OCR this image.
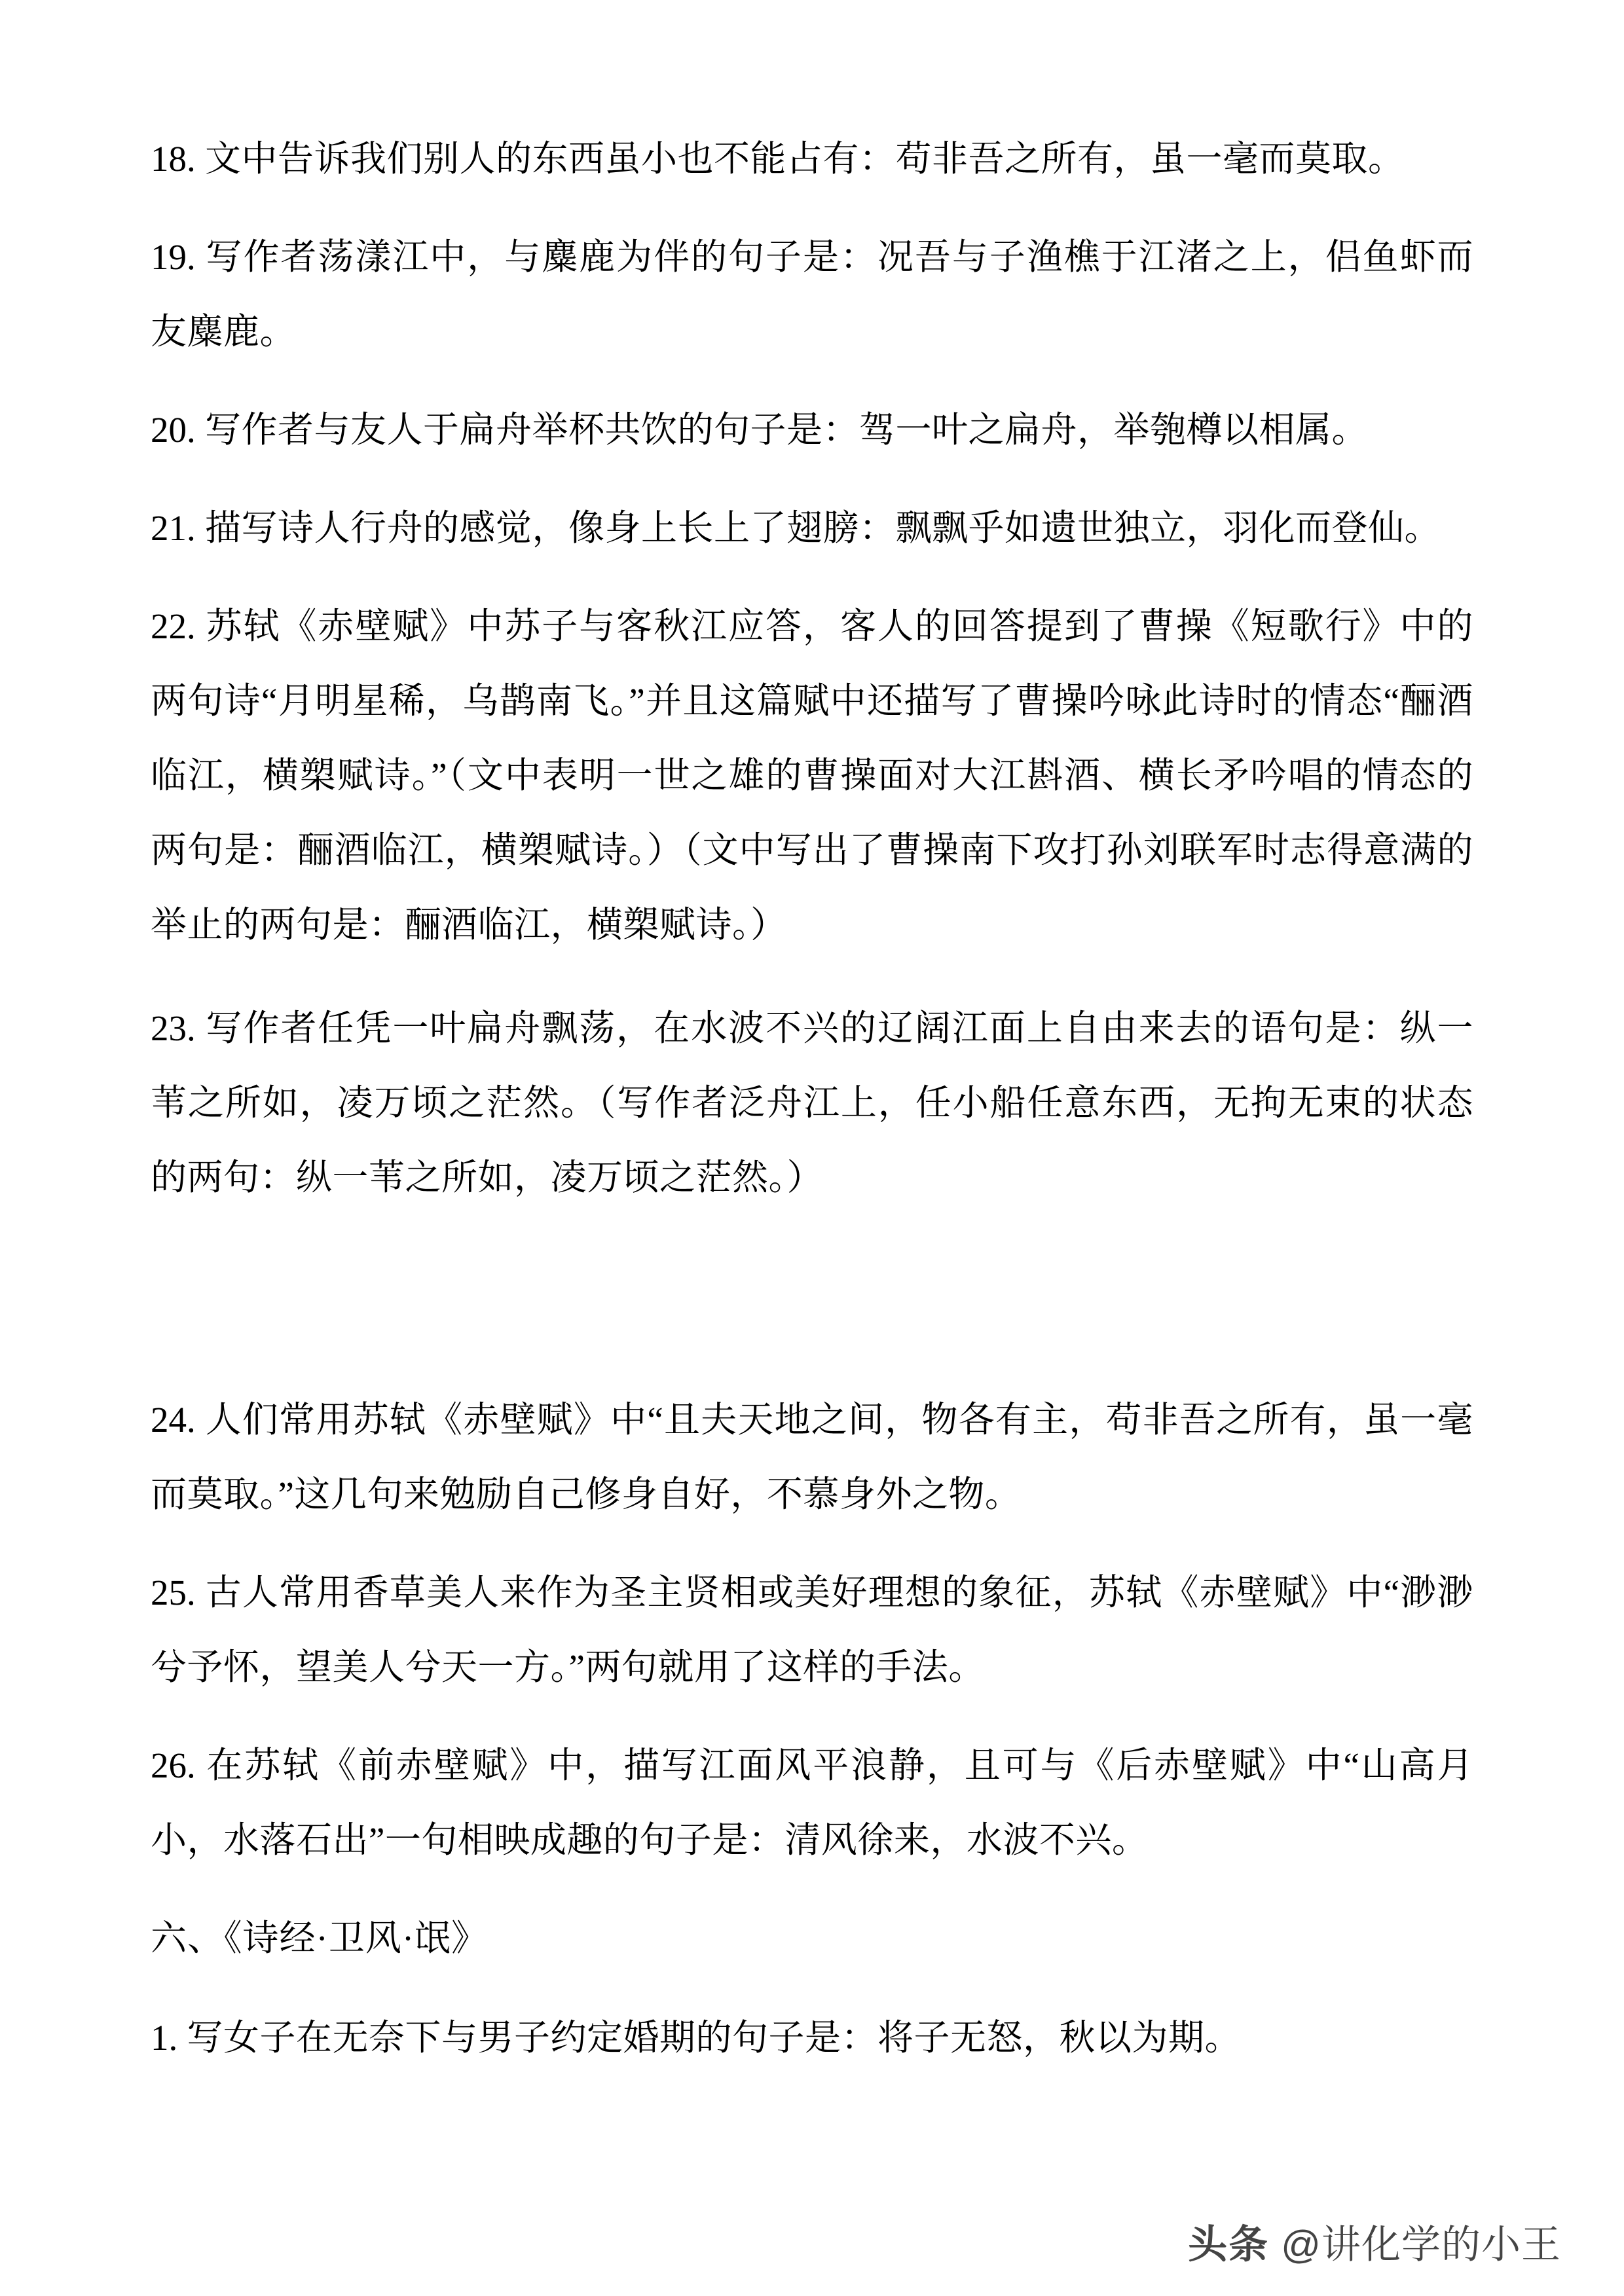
18. 文中告诉我们别人的东西虽小也不能占有：苟非吾之所有，虽一毫而莫取。

19. 写作者荡漾江中，与麋鹿为伴的句子是：况吾与子渔樵于江渚之上，侣鱼虾而友麋鹿。

20. 写作者与友人于扁舟举杯共饮的句子是：驾一叶之扁舟，举匏樽以相属。

21. 描写诗人行舟的感觉，像身上长上了翅膀：飘飘乎如遗世独立，羽化而登仙。

22. 苏轼《赤壁赋》中苏子与客秋江应答，客人的回答提到了曹操《短歌行》中的两句诗“月明星稀，乌鹊南飞。”并且这篇赋中还描写了曹操吟咏此诗时的情态“酾酒临江，横槊赋诗。”（文中表明一世之雄的曹操面对大江斟酒、横长矛吟唱的情态的两句是：酾酒临江，横槊赋诗。）（文中写出了曹操南下攻打孙刘联军时志得意满的举止的两句是：酾酒临江，横槊赋诗。）

23. 写作者任凭一叶扁舟飘荡，在水波不兴的辽阔江面上自由来去的语句是：纵一苇之所如，凌万顷之茫然。（写作者泛舟江上，任小船任意东西，无拘无束的状态的两句：纵一苇之所如，凌万顷之茫然。）

24. 人们常用苏轼《赤壁赋》中“且夫天地之间，物各有主，苟非吾之所有，虽一毫而莫取。”这几句来勉励自己修身自好，不慕身外之物。

25. 古人常用香草美人来作为圣主贤相或美好理想的象征，苏轼《赤壁赋》中“渺渺兮予怀，望美人兮天一方。”两句就用了这样的手法。

26. 在苏轼《前赤壁赋》中，描写江面风平浪静，且可与《后赤壁赋》中“山高月小，水落石出”一句相映成趣的句子是：清风徐来，水波不兴。

六、《诗经·卫风·氓》

1. 写女子在无奈下与男子约定婚期的句子是：将子无怒，秋以为期。

头条 @讲化学的小王
